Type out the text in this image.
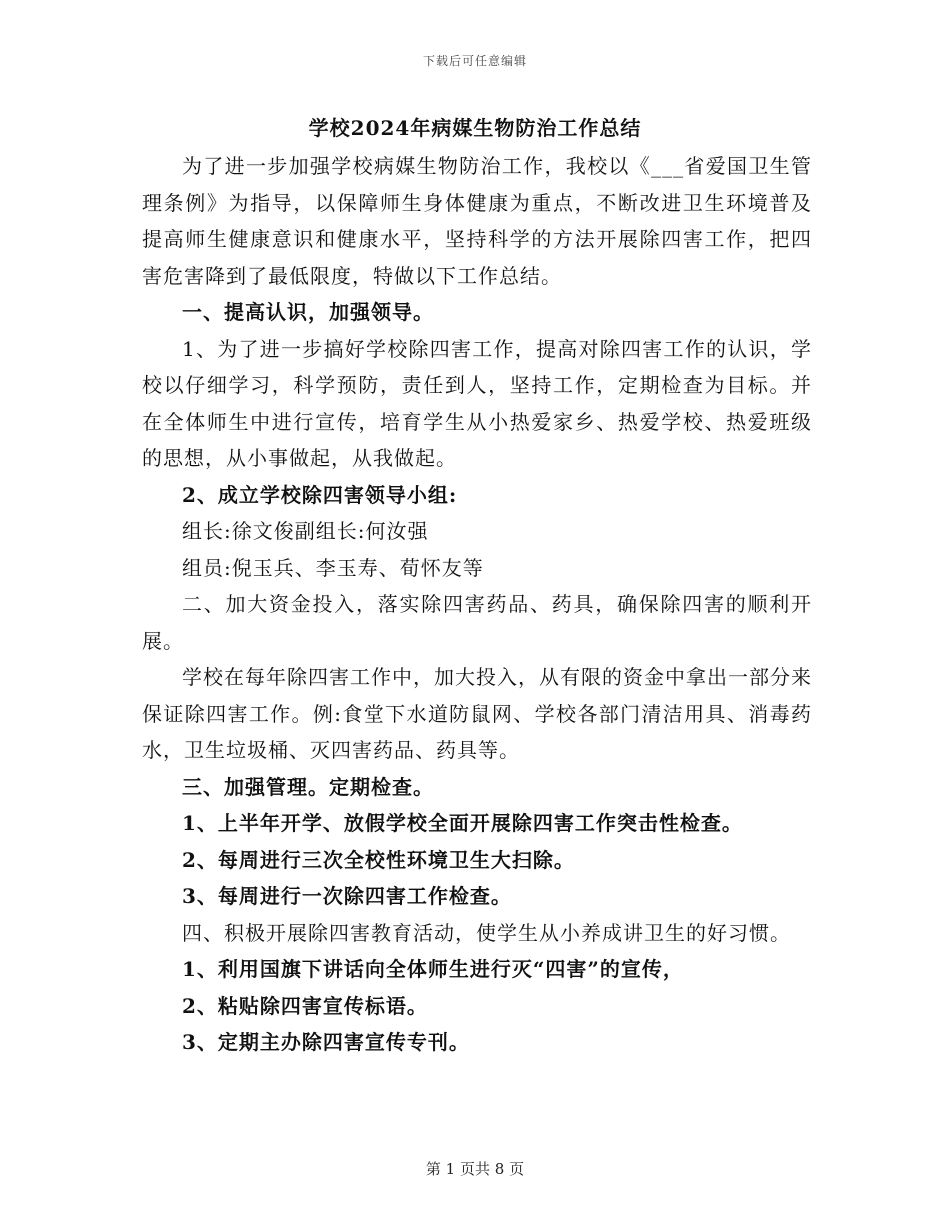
下载后可任意编辑
学校2024年病媒生物防治工作总结

为了进一步加强学校病媒生物防治工作，我校以《___省爱国卫生管理条例》为指导，以保障师生身体健康为重点，不断改进卫生环境普及提高师生健康意识和健康水平，坚持科学的方法开展除四害工作，把四害危害降到了最低限度，特做以下工作总结。

一、提高认识，加强领导。

1、为了进一步搞好学校除四害工作，提高对除四害工作的认识，学校以仔细学习，科学预防，责任到人，坚持工作，定期检查为目标。并在全体师生中进行宣传，培育学生从小热爱家乡、热爱学校、热爱班级的思想，从小事做起，从我做起。

2、成立学校除四害领导小组:

组长:徐文俊副组长:何汝强

组员:倪玉兵、李玉寿、荀怀友等

二、加大资金投入，落实除四害药品、药具，确保除四害的顺利开展。

学校在每年除四害工作中，加大投入，从有限的资金中拿出一部分来保证除四害工作。例:食堂下水道防鼠网、学校各部门清洁用具、消毒药水，卫生垃圾桶、灭四害药品、药具等。

三、加强管理。定期检查。

1、上半年开学、放假学校全面开展除四害工作突击性检查。

2、每周进行三次全校性环境卫生大扫除。

3、每周进行一次除四害工作检查。

四、积极开展除四害教育活动，使学生从小养成讲卫生的好习惯。

1、利用国旗下讲话向全体师生进行灭“四害”的宣传，

2、粘贴除四害宣传标语。

3、定期主办除四害宣传专刊。

第 1 页共 8 页
